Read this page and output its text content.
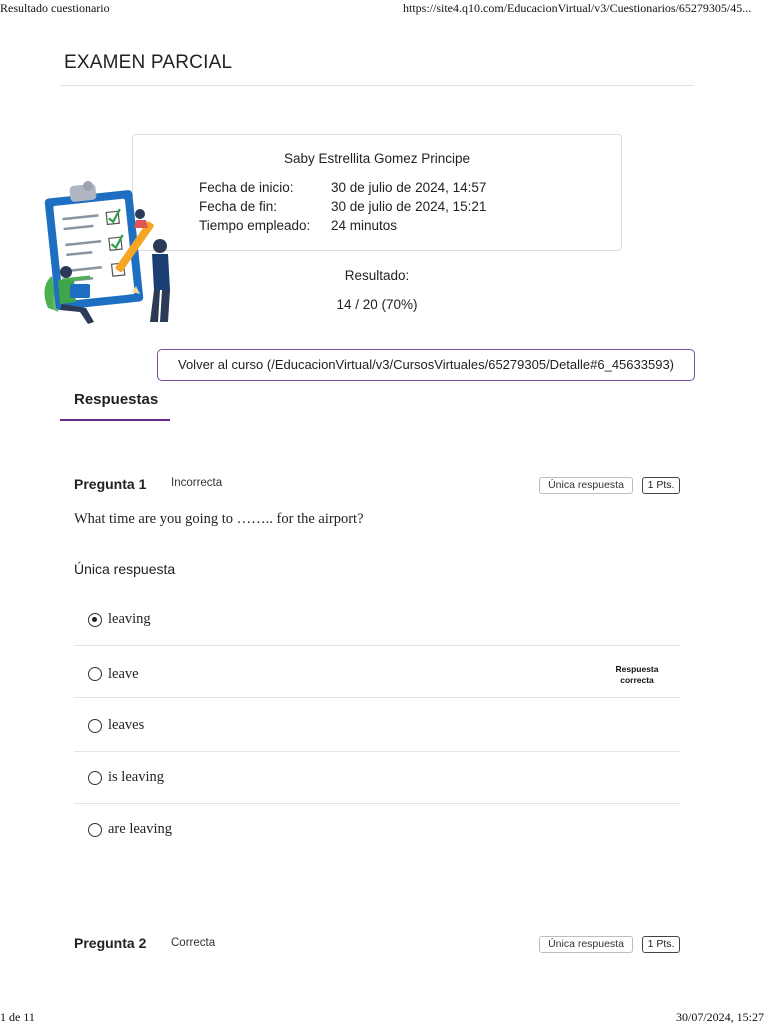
Resultado cuestionario	https://site4.q10.com/EducacionVirtual/v3/Cuestionarios/65279305/45...
EXAMEN PARCIAL
Saby Estrellita Gomez Principe
Fecha de inicio:	30 de julio de 2024, 14:57
Fecha de fin:	30 de julio de 2024, 15:21
Tiempo empleado: 24 minutos
Resultado:
14 / 20 (70%)
Volver al curso (/EducacionVirtual/v3/CursosVirtuales/65279305/Detalle#6_45633593)
Respuestas
Pregunta 1 Incorrecta	Única respuesta	1 Pts.
What time are you going to …….. for the airport?
Única respuesta
leaving
leave	Respuesta correcta
leaves
is leaving
are leaving
Pregunta 2 Correcta	Única respuesta	1 Pts.
1 de 11	30/07/2024, 15:27
